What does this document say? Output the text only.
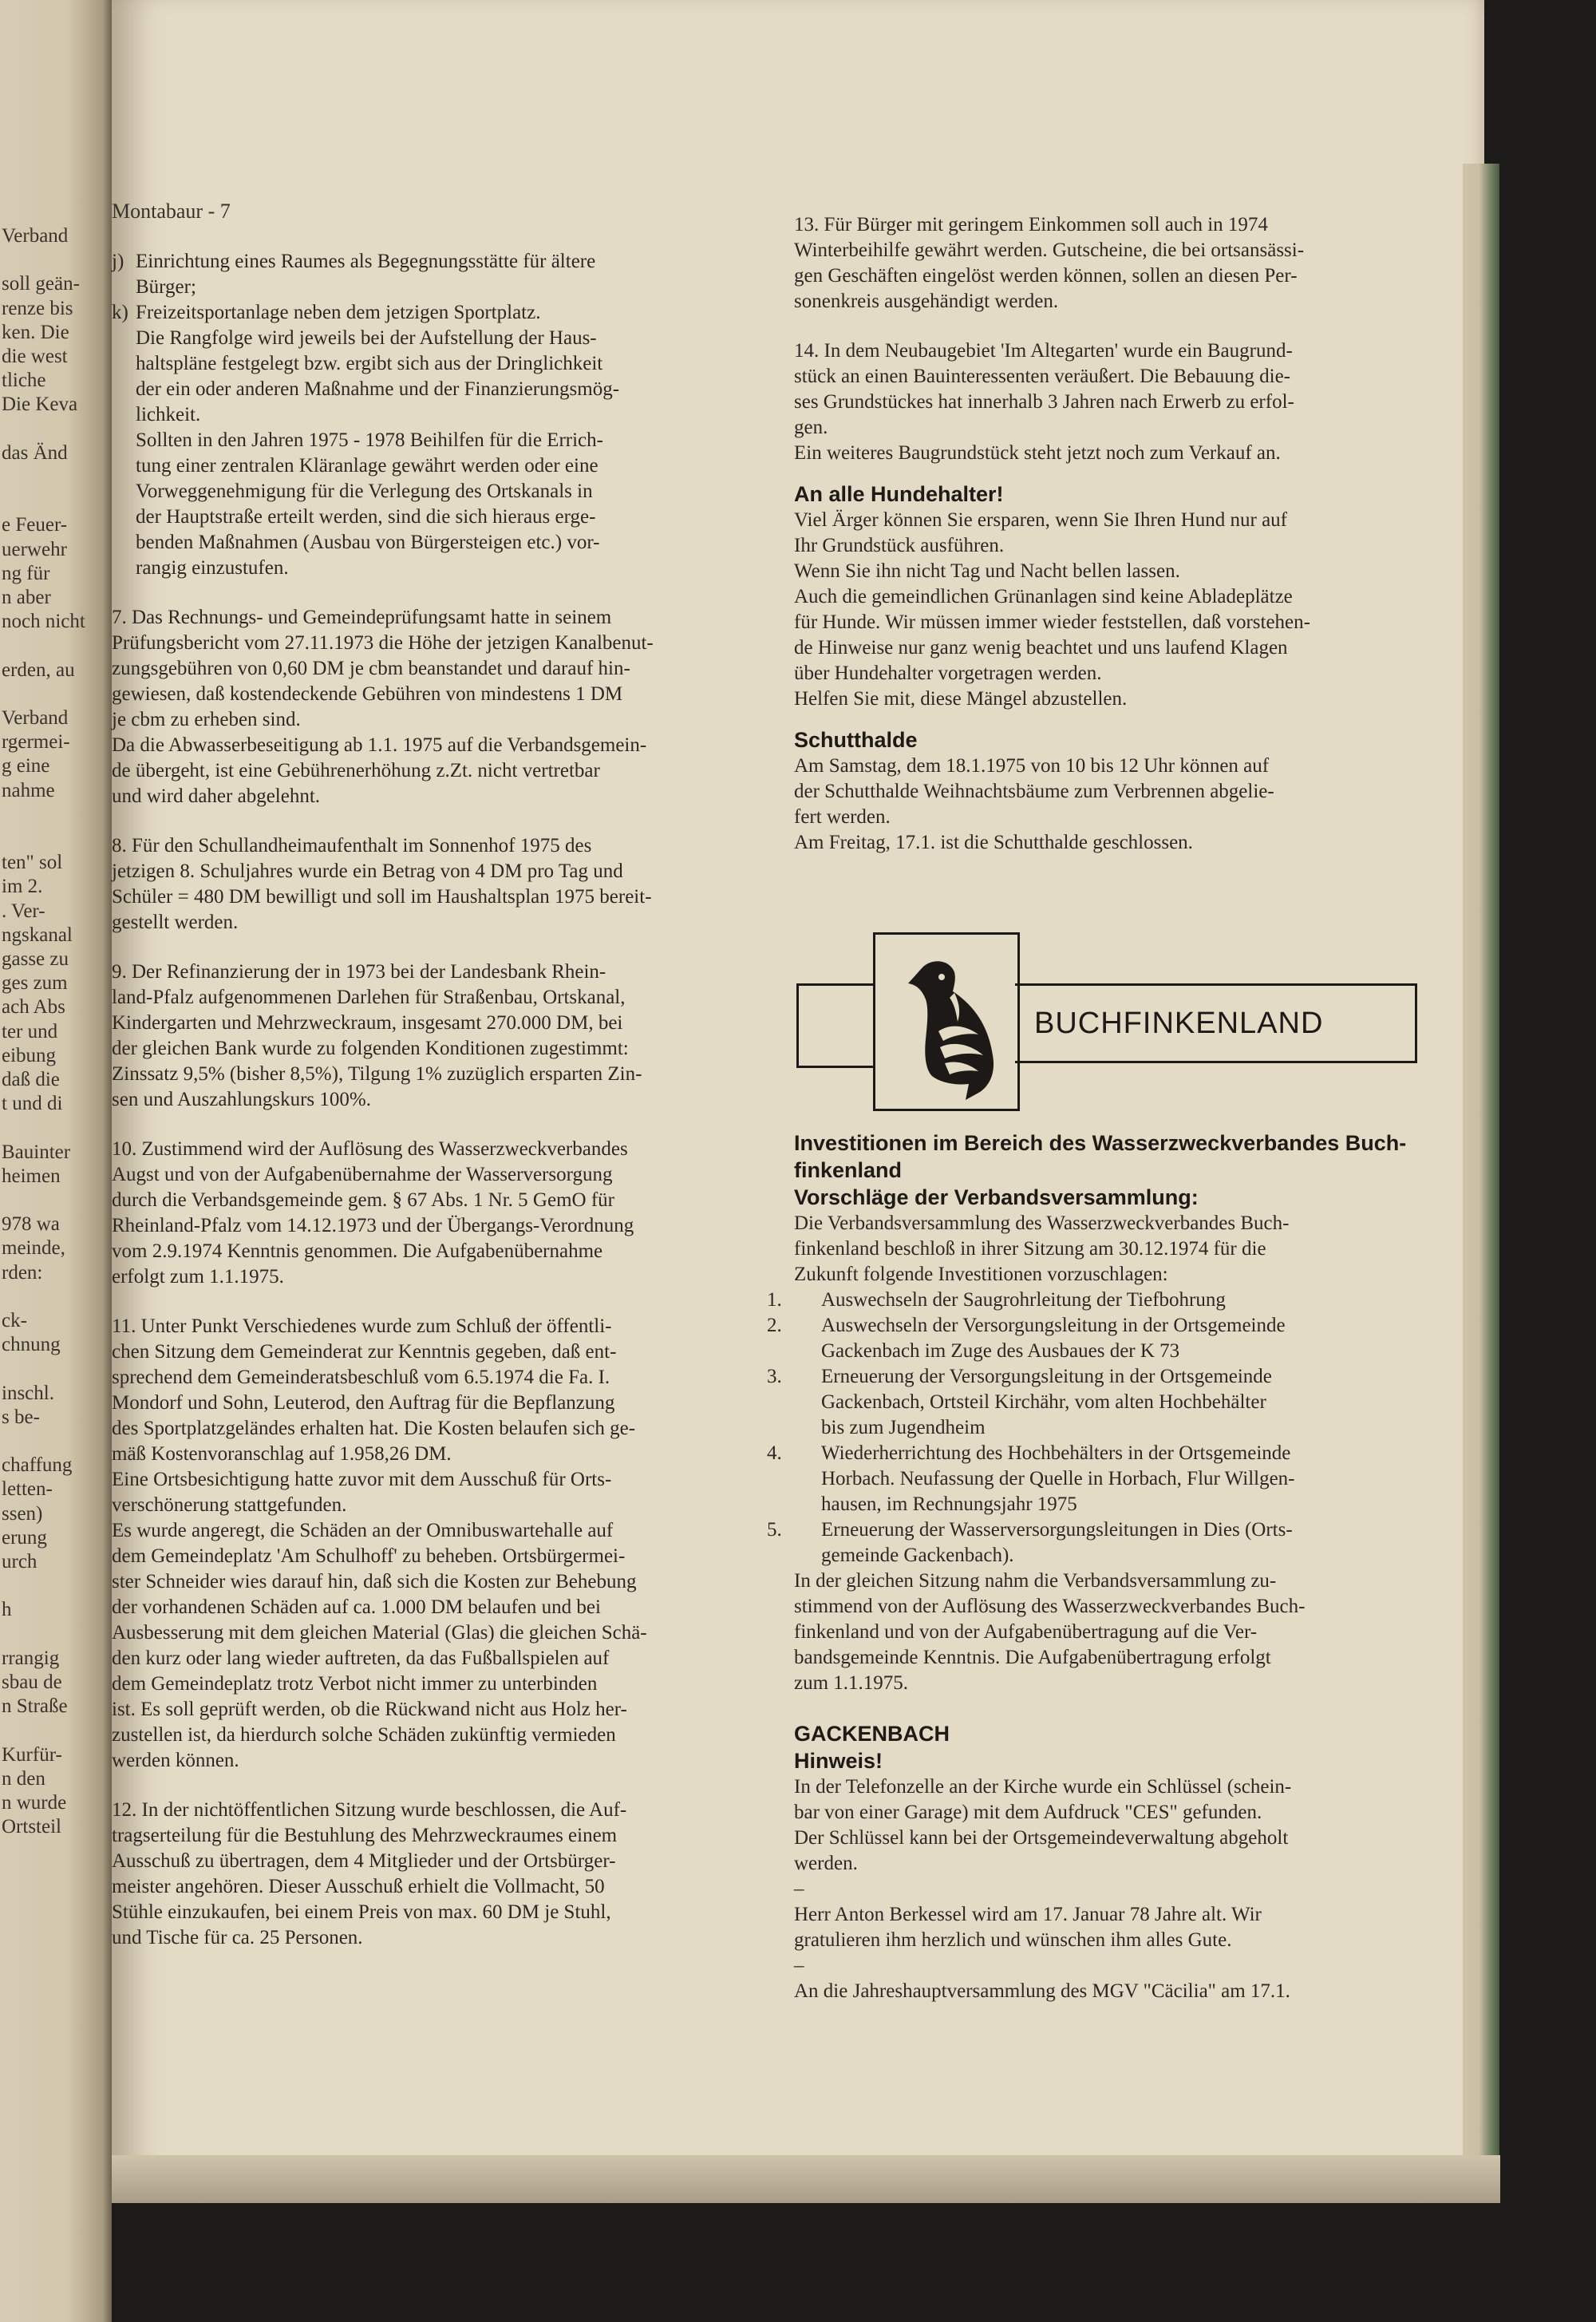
Verband
soll geän-
renze bis
ken. Die
die west
tliche
Die Keva
das Änd
e Feuer-
uerwehr
ng für
n aber
noch nicht
erden, au
Verband
rgermei-
g eine
nahme
ten" sol
im 2.
. Ver-
ngskanal
gasse zu
ges zum
ach Abs
ter und
eibung
daß die
t und di
Bauinter
heimen
978 wa
meinde,
rden:
ck-
chnung
inschl.
s be-
chaffung
letten-
ssen)
erung
urch
h
rrangig
sbau de
n Straße
Kurfür-
n den
n wurde
Ortsteil
Montabaur - 7
j) Einrichtung eines Raumes als Begegnungsstätte für ältere
Bürger;
k) Freizeitsportanlage neben dem jetzigen Sportplatz.

Die Rangfolge wird jeweils bei der Aufstellung der Haus-
haltspläne festgelegt bzw. ergibt sich aus der Dringlichkeit
der ein oder anderen Maßnahme und der Finanzierungsmög-
lichkeit.

Sollten in den Jahren 1975 - 1978 Beihilfen für die Errich-
tung einer zentralen Kläranlage gewährt werden oder eine
Vorweggenehmigung für die Verlegung des Ortskanals in
der Hauptstraße erteilt werden, sind die sich hieraus erge-
benden Maßnahmen (Ausbau von Bürgersteigen etc.) vor-
rangig einzustufen.

7. Das Rechnungs- und Gemeindeprüfungsamt hatte in seinem
Prüfungsbericht vom 27.11.1973 die Höhe der jetzigen Kanalbenut-
zungsgebühren von 0,60 DM je cbm beanstandet und darauf hin-
gewiesen, daß kostendeckende Gebühren von mindestens 1 DM
je cbm zu erheben sind.
Da die Abwasserbeseitigung ab 1.1. 1975 auf die Verbandsgemein-
de übergeht, ist eine Gebührenerhöhung z.Zt. nicht vertretbar
und wird daher abgelehnt.

8. Für den Schullandheimaufenthalt im Sonnenhof 1975 des
jetzigen 8. Schuljahres wurde ein Betrag von 4 DM pro Tag und
Schüler = 480 DM bewilligt und soll im Haushaltsplan 1975 bereit-
gestellt werden.

9. Der Refinanzierung der in 1973 bei der Landesbank Rhein-
land-Pfalz aufgenommenen Darlehen für Straßenbau, Ortskanal,
Kindergarten und Mehrzweckraum, insgesamt 270.000 DM, bei
der gleichen Bank wurde zu folgenden Konditionen zugestimmt:
Zinssatz 9,5% (bisher 8,5%), Tilgung 1% zuzüglich ersparten Zin-
sen und Auszahlungskurs 100%.

10. Zustimmend wird der Auflösung des Wasserzweckverbandes
Augst und von der Aufgabenübernahme der Wasserversorgung
durch die Verbandsgemeinde gem. § 67 Abs. 1 Nr. 5 GemO für
Rheinland-Pfalz vom 14.12.1973 und der Übergangs-Verordnung
vom 2.9.1974 Kenntnis genommen. Die Aufgabenübernahme
erfolgt zum 1.1.1975.

11. Unter Punkt Verschiedenes wurde zum Schluß der öffentli-
chen Sitzung dem Gemeinderat zur Kenntnis gegeben, daß ent-
sprechend dem Gemeinderatsbeschluß vom 6.5.1974 die Fa. I.
Mondorf und Sohn, Leuterod, den Auftrag für die Bepflanzung
des Sportplatzgeländes erhalten hat. Die Kosten belaufen sich ge-
mäß Kostenvoranschlag auf 1.958,26 DM.
Eine Ortsbesichtigung hatte zuvor mit dem Ausschuß für Orts-
verschönerung stattgefunden.
Es wurde angeregt, die Schäden an der Omnibuswartehalle auf
dem Gemeindeplatz 'Am Schulhoff' zu beheben. Ortsbürgermei-
ster Schneider wies darauf hin, daß sich die Kosten zur Behebung
der vorhandenen Schäden auf ca. 1.000 DM belaufen und bei
Ausbesserung mit dem gleichen Material (Glas) die gleichen Schä-
den kurz oder lang wieder auftreten, da das Fußballspielen auf
dem Gemeindeplatz trotz Verbot nicht immer zu unterbinden
ist. Es soll geprüft werden, ob die Rückwand nicht aus Holz her-
zustellen ist, da hierdurch solche Schäden zukünftig vermieden
werden können.

12. In der nichtöffentlichen Sitzung wurde beschlossen, die Auf-
tragserteilung für die Bestuhlung des Mehrzweckraumes einem
Ausschuß zu übertragen, dem 4 Mitglieder und der Ortsbürger-
meister angehören. Dieser Ausschuß erhielt die Vollmacht, 50
Stühle einzukaufen, bei einem Preis von max. 60 DM je Stuhl,
und Tische für ca. 25 Personen.

13. Für Bürger mit geringem Einkommen soll auch in 1974
Winterbeihilfe gewährt werden. Gutscheine, die bei ortsansässi-
gen Geschäften eingelöst werden können, sollen an diesen Per-
sonenkreis ausgehändigt werden.

14. In dem Neubaugebiet 'Im Altegarten' wurde ein Baugrund-
stück an einen Bauinteressenten veräußert. Die Bebauung die-
ses Grundstückes hat innerhalb 3 Jahren nach Erwerb zu erfol-
gen.
Ein weiteres Baugrundstück steht jetzt noch zum Verkauf an.

An alle Hundehalter!

Viel Ärger können Sie ersparen, wenn Sie Ihren Hund nur auf
Ihr Grundstück ausführen.
Wenn Sie ihn nicht Tag und Nacht bellen lassen.
Auch die gemeindlichen Grünanlagen sind keine Abladeplätze
für Hunde. Wir müssen immer wieder feststellen, daß vorstehen-
de Hinweise nur ganz wenig beachtet und uns laufend Klagen
über Hundehalter vorgetragen werden.
Helfen Sie mit, diese Mängel abzustellen.

Schutthalde

Am Samstag, dem 18.1.1975 von 10 bis 12 Uhr können auf
der Schutthalde Weihnachtsbäume zum Verbrennen abgelie-
fert werden.
Am Freitag, 17.1. ist die Schutthalde geschlossen.

BUCHFINKENLAND
Investitionen im Bereich des Wasserzweckverbandes Buch-
finkenland
Vorschläge der Verbandsversammlung:

Die Verbandsversammlung des Wasserzweckverbandes Buch-
finkenland beschloß in ihrer Sitzung am 30.12.1974 für die
Zukunft folgende Investitionen vorzuschlagen:

1. Auswechseln der Saugrohrleitung der Tiefbohrung
2. Auswechseln der Versorgungsleitung in der Ortsgemeinde
Gackenbach im Zuge des Ausbaues der K 73
3. Erneuerung der Versorgungsleitung in der Ortsgemeinde
Gackenbach, Ortsteil Kirchähr, vom alten Hochbehälter
bis zum Jugendheim
4. Wiederherrichtung des Hochbehälters in der Ortsgemeinde
Horbach. Neufassung der Quelle in Horbach, Flur Willgen-
hausen, im Rechnungsjahr 1975
5. Erneuerung der Wasserversorgungsleitungen in Dies (Orts-
gemeinde Gackenbach).

In der gleichen Sitzung nahm die Verbandsversammlung zu-
stimmend von der Auflösung des Wasserzweckverbandes Buch-
finkenland und von der Aufgabenübertragung auf die Ver-
bandsgemeinde Kenntnis. Die Aufgabenübertragung erfolgt
zum 1.1.1975.

GACKENBACH
Hinweis!

In der Telefonzelle an der Kirche wurde ein Schlüssel (schein-
bar von einer Garage) mit dem Aufdruck "CES" gefunden.
Der Schlüssel kann bei der Ortsgemeindeverwaltung abgeholt
werden.

–

Herr Anton Berkessel wird am 17. Januar 78 Jahre alt. Wir
gratulieren ihm herzlich und wünschen ihm alles Gute.

–

An die Jahreshauptversammlung des MGV "Cäcilia" am 17.1.
